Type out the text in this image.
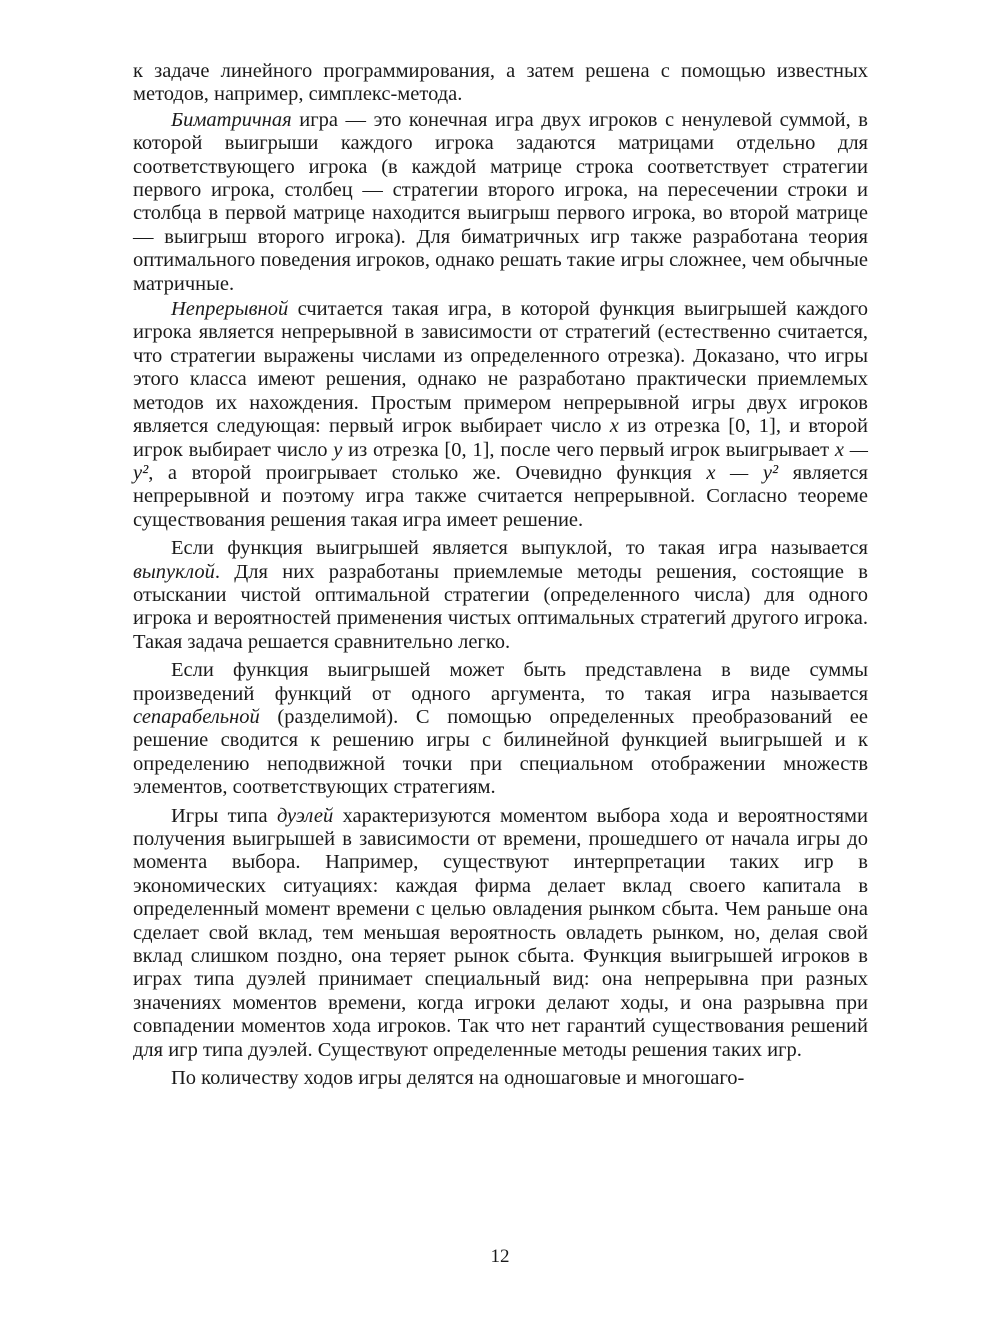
к задаче линейного программирования, а затем решена с помощью известных методов, например, симплекс-метода.

Биматричная игра — это конечная игра двух игроков с ненулевой суммой, в которой выигрыши каждого игрока задаются матрицами отдельно для соответствующего игрока (в каждой матрице строка соответствует стратегии первого игрока, столбец — стратегии второго игрока, на пересечении строки и столбца в первой матрице находится выигрыш первого игрока, во второй матрице — выигрыш второго игрока). Для биматричных игр также разработана теория оптимального поведения игроков, однако решать такие игры сложнее, чем обычные матричные.

Непрерывной считается такая игра, в которой функция выигрышей каждого игрока является непрерывной в зависимости от стратегий (естественно считается, что стратегии выражены числами из определенного отрезка). Доказано, что игры этого класса имеют решения, однако не разработано практически приемлемых методов их нахождения. Простым примером непрерывной игры двух игроков является следующая: первый игрок выбирает число x из отрезка [0, 1], и второй игрок выбирает число y из отрезка [0, 1], после чего первый игрок выигрывает x — y², а второй проигрывает столько же. Очевидно функция x — y² является непрерывной и поэтому игра также считается непрерывной. Согласно теореме существования решения такая игра имеет решение.

Если функция выигрышей является выпуклой, то такая игра называется выпуклой. Для них разработаны приемлемые методы решения, состоящие в отыскании чистой оптимальной стратегии (определенного числа) для одного игрока и вероятностей применения чистых оптимальных стратегий другого игрока. Такая задача решается сравнительно легко.

Если функция выигрышей может быть представлена в виде суммы произведений функций от одного аргумента, то такая игра называется сепарабельной (разделимой). С помощью определенных преобразований ее решение сводится к решению игры с билинейной функцией выигрышей и к определению неподвижной точки при специальном отображении множеств элементов, соответствующих стратегиям.

Игры типа дуэлей характеризуются моментом выбора хода и вероятностями получения выигрышей в зависимости от времени, прошедшего от начала игры до момента выбора. Например, существуют интерпретации таких игр в экономических ситуациях: каждая фирма делает вклад своего капитала в определенный момент времени с целью овладения рынком сбыта. Чем раньше она сделает свой вклад, тем меньшая вероятность овладеть рынком, но, делая свой вклад слишком поздно, она теряет рынок сбыта. Функция выигрышей игроков в играх типа дуэлей принимает специальный вид: она непрерывна при разных значениях моментов времени, когда игроки делают ходы, и она разрывна при совпадении моментов хода игроков. Так что нет гарантий существования решений для игр типа дуэлей. Существуют определенные методы решения таких игр.

По количеству ходов игры делятся на одношаговые и многошаго-

12
